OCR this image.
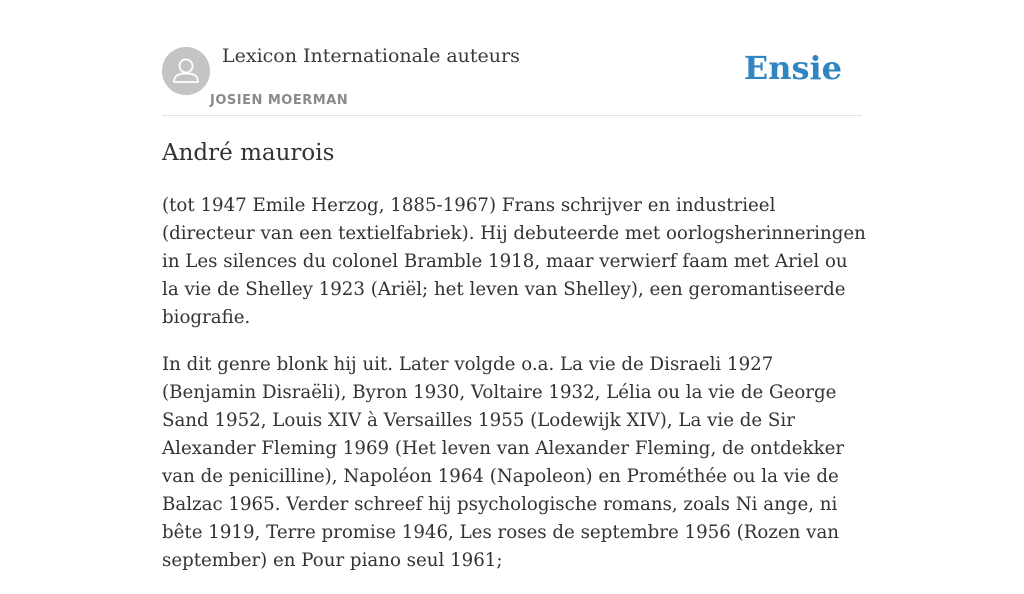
Lexicon Internationale auteurs
JOSIEN MOERMAN
Ensie
André maurois

(tot 1947 Emile Herzog, 1885-1967) Frans schrijver en industrieel (directeur van een textielfabriek). Hij debuteerde met oorlogsherinneringen in Les silences du colonel Bramble 1918, maar verwierf faam met Ariel ou la vie de Shelley 1923 (Ariël; het leven van Shelley), een geromantiseerde biografie.

In dit genre blonk hij uit. Later volgde o.a. La vie de Disraeli 1927 (Benjamin Disraëli), Byron 1930, Voltaire 1932, Lélia ou la vie de George Sand 1952, Louis XIV à Versailles 1955 (Lodewijk XIV), La vie de Sir Alexander Fleming 1969 (Het leven van Alexander Fleming, de ontdekker van de penicilline), Napoléon 1964 (Napoleon) en Prométhée ou la vie de Balzac 1965. Verder schreef hij psychologische romans, zoals Ni ange, ni bête 1919, Terre promise 1946, Les roses de septembre 1956 (Rozen van september) en Pour piano seul 1961;
